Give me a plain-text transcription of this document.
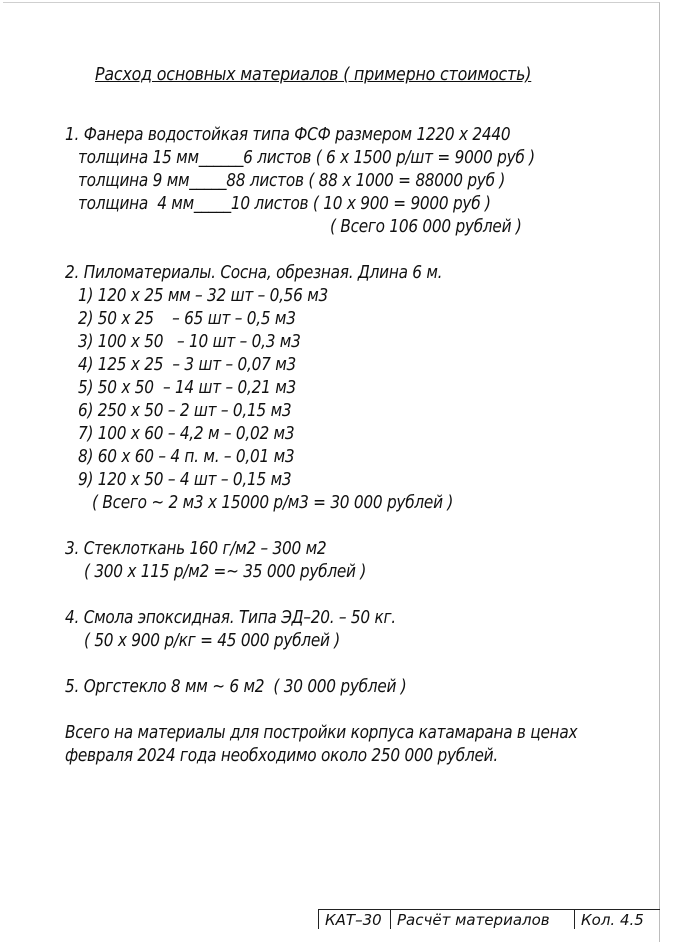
Расход основных материалов ( примерно стоимость)

1. Фанера водостойкая типа ФСФ размером 1220 х 2440

толщина 15 мм______6 листов ( 6 х 1500 р/шт = 9000 руб )

толщина 9 мм_____88 листов ( 88 х 1000 = 88000 руб )

толщина  4 мм_____10 листов ( 10 х 900 = 9000 руб )

( Всего 106 000 рублей )

2. Пиломатериалы. Сосна, обрезная. Длина 6 м.

1) 120 х 25 мм – 32 шт – 0,56 м3

2) 50 х 25    – 65 шт – 0,5 м3

3) 100 х 50   – 10 шт – 0,3 м3

4) 125 х 25  – 3 шт – 0,07 м3

5) 50 х 50  – 14 шт – 0,21 м3

6) 250 х 50 – 2 шт – 0,15 м3

7) 100 х 60 – 4,2 м – 0,02 м3

8) 60 х 60 – 4 п. м. – 0,01 м3

9) 120 х 50 – 4 шт – 0,15 м3

( Всего ~ 2 м3 х 15000 р/м3 = 30 000 рублей )

3. Стеклоткань 160 г/м2 – 300 м2

( 300 х 115 р/м2 =~ 35 000 рублей )

4. Смола эпоксидная. Типа ЭД–20. – 50 кг.

( 50 х 900 р/кг = 45 000 рублей )

5. Оргстекло 8 мм ~ 6 м2  ( 30 000 рублей )

Всего на материалы для постройки корпуса катамарана в ценах

февраля 2024 года необходимо около 250 000 рублей.

КАТ–30	Расчёт материалов	Кол. 4.5
